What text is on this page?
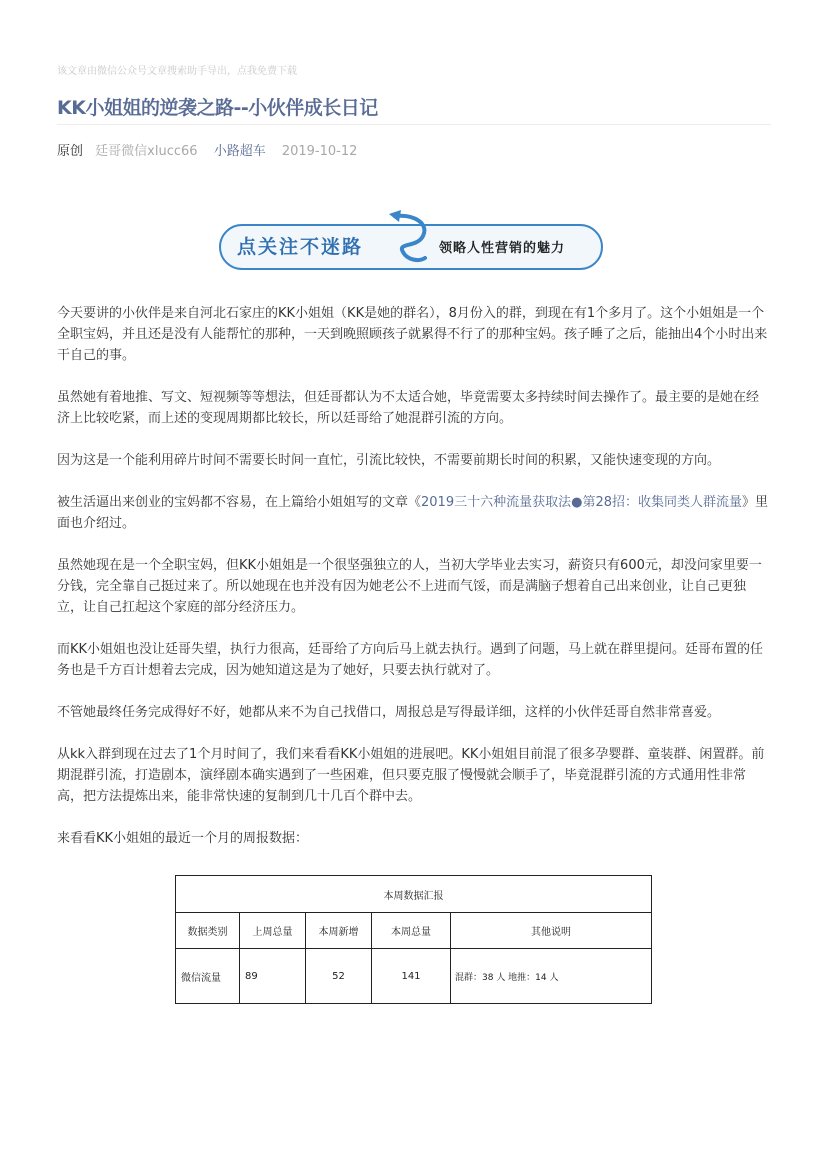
该文章由微信公众号文章搜索助手导出，点我免费下载
KK小姐姐的逆袭之路--小伙伴成长日记
原创 廷哥微信xlucc66 小路超车 2019-10-12
点关注不迷路	领略人性营销的魅力

今天要讲的小伙伴是来自河北石家庄的KK小姐姐（KK是她的群名），8月份入的群，到现在有1个多月了。这个小姐姐是一个全职宝妈，并且还是没有人能帮忙的那种，一天到晚照顾孩子就累得不行了的那种宝妈。孩子睡了之后，能抽出4个小时出来干自己的事。

虽然她有着地推、写文、短视频等等想法，但廷哥都认为不太适合她，毕竟需要太多持续时间去操作了。最主要的是她在经济上比较吃紧，而上述的变现周期都比较长，所以廷哥给了她混群引流的方向。

因为这是一个能利用碎片时间不需要长时间一直忙，引流比较快，不需要前期长时间的积累，又能快速变现的方向。

被生活逼出来创业的宝妈都不容易，在上篇给小姐姐写的文章《2019三十六种流量获取法●第28招：收集同类人群流量》里面也介绍过。

虽然她现在是一个全职宝妈，但KK小姐姐是一个很坚强独立的人，当初大学毕业去实习，薪资只有600元，却没问家里要一分钱，完全靠自己挺过来了。所以她现在也并没有因为她老公不上进而气馁，而是满脑子想着自己出来创业，让自己更独立，让自己扛起这个家庭的部分经济压力。

而KK小姐姐也没让廷哥失望，执行力很高，廷哥给了方向后马上就去执行。遇到了问题，马上就在群里提问。廷哥布置的任务也是千方百计想着去完成，因为她知道这是为了她好，只要去执行就对了。

不管她最终任务完成得好不好，她都从来不为自己找借口，周报总是写得最详细，这样的小伙伴廷哥自然非常喜爱。

从kk入群到现在过去了1个月时间了，我们来看看KK小姐姐的进展吧。KK小姐姐目前混了很多孕婴群、童装群、闲置群。前期混群引流，打造剧本，演绎剧本确实遇到了一些困难，但只要克服了慢慢就会顺手了，毕竟混群引流的方式通用性非常高，把方法提炼出来，能非常快速的复制到几十几百个群中去。

来看看KK小姐姐的最近一个月的周报数据：

本周数据汇报				
数据类别	上周总量	本周新增	本周总量	其他说明
微信流量	89	52	141	混群：38 人 地推：14 人
